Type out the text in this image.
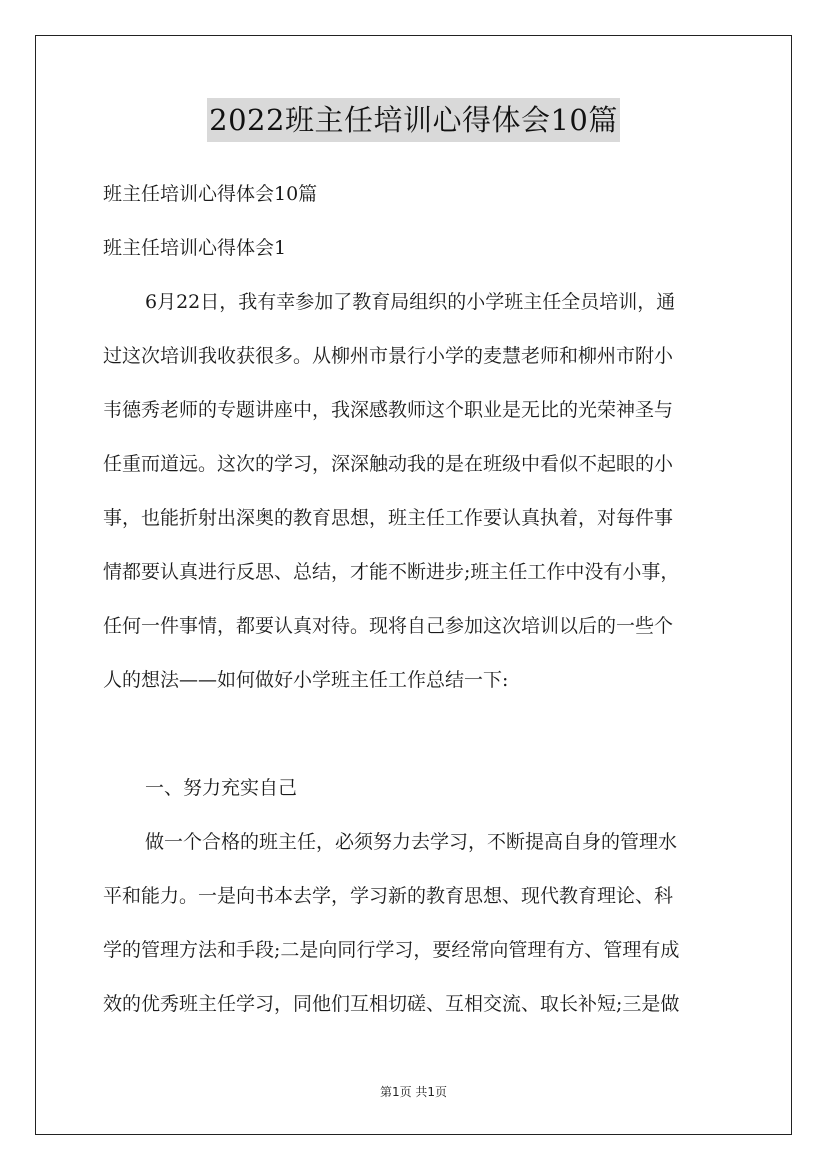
2022班主任培训心得体会10篇
班主任培训心得体会10篇
班主任培训心得体会1
6月22日，我有幸参加了教育局组织的小学班主任全员培训，通
过这次培训我收获很多。从柳州市景行小学的麦慧老师和柳州市附小
韦德秀老师的专题讲座中，我深感教师这个职业是无比的光荣神圣与
任重而道远。这次的学习，深深触动我的是在班级中看似不起眼的小
事，也能折射出深奥的教育思想，班主任工作要认真执着，对每件事
情都要认真进行反思、总结，才能不断进步;班主任工作中没有小事，
任何一件事情，都要认真对待。现将自己参加这次培训以后的一些个
人的想法——如何做好小学班主任工作总结一下:
一、努力充实自己
做一个合格的班主任，必须努力去学习，不断提高自身的管理水
平和能力。一是向书本去学，学习新的教育思想、现代教育理论、科
学的管理方法和手段;二是向同行学习，要经常向管理有方、管理有成
效的优秀班主任学习，同他们互相切磋、互相交流、取长补短;三是做
第1页 共1页
